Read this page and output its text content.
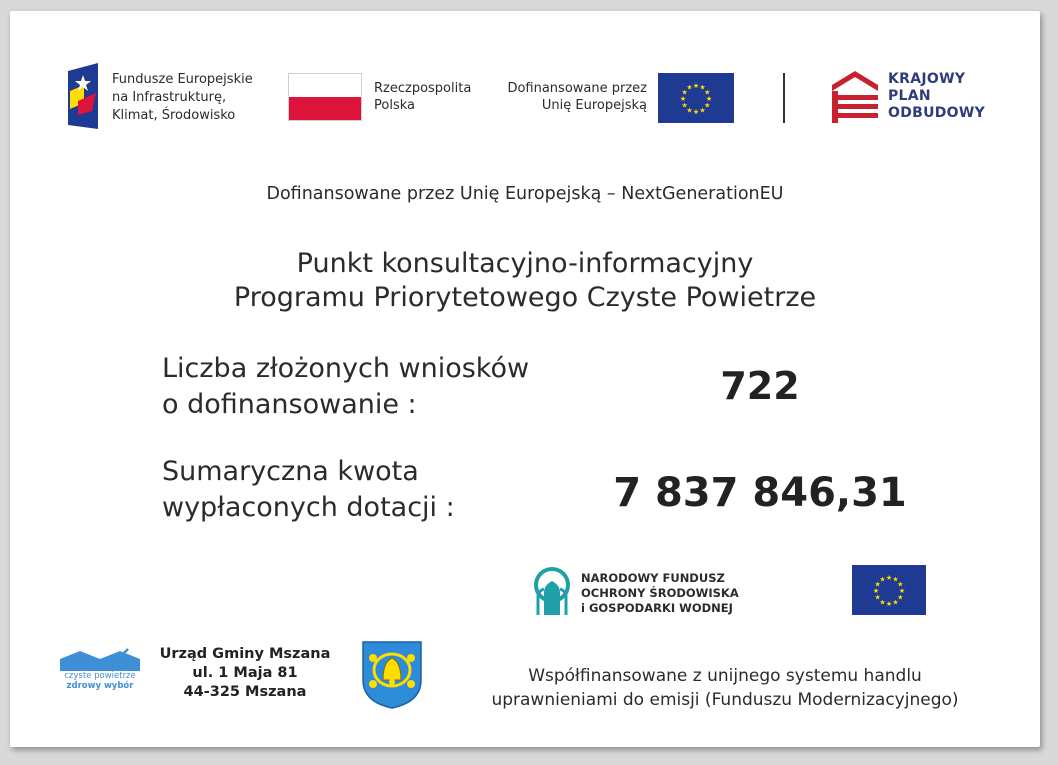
Fundusze Europejskie
na Infrastrukturę,
Klimat, Środowisko
Rzeczpospolita
Polska
Dofinansowane przez
Unię Europejską
★ ★
★
★
★
★
★
★
★
★
★
★
KRAJOWY
PLAN
ODBUDOWY
Dofinansowane przez Unię Europejską – NextGenerationEU
Punkt konsultacyjno-informacyjny
Programu Priorytetowego Czyste Powietrze
Liczba złożonych wniosków
o dofinansowanie :	722
Sumaryczna kwota
wypłaconych dotacji :	7 837 846,31
NARODOWY FUNDUSZ
OCHRONY ŚRODOWISKA
i GOSPODARKI WODNEJ
★ ★
★
★
★
★
★
★
★
★
★
★
czyste powietrze
zdrowy wybór
Urząd Gminy Mszana
ul. 1 Maja 81
44-325 Mszana
Współfinansowane z unijnego systemu handlu
uprawnieniami do emisji (Funduszu Modernizacyjnego)
